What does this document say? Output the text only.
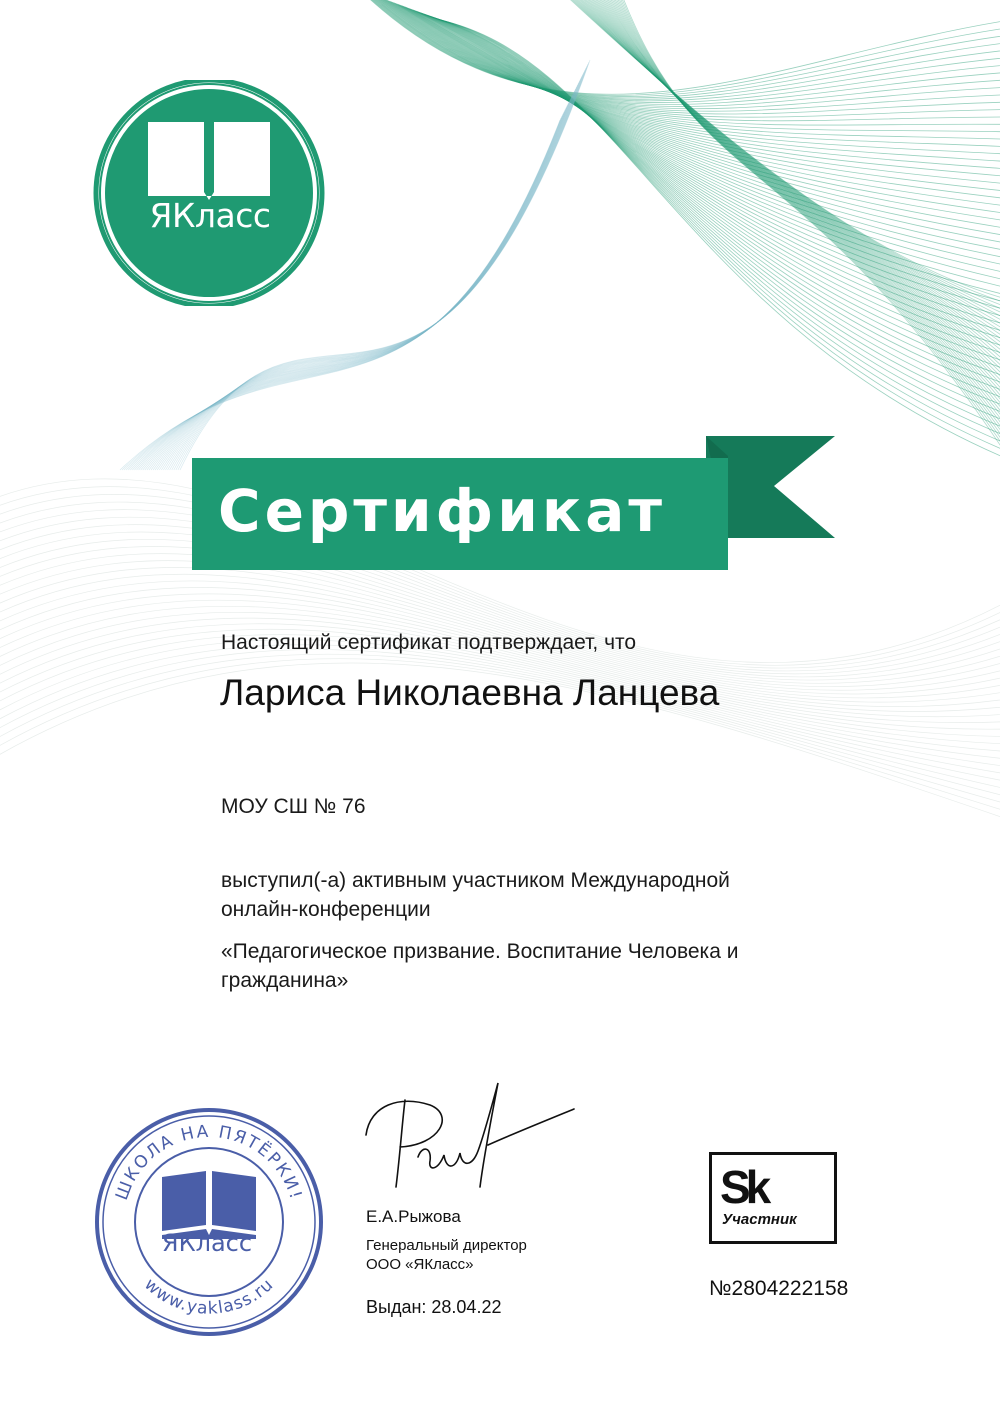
ЯКласс
Сертификат
Настоящий сертификат подтверждает, что
Лариса Николаевна Ланцева
МОУ СШ № 76
выступил(-а) активным участником Международной
онлайн-конференции
«Педагогическое призвание. Воспитание Человека и
гражданина»
ШКОЛА НА ПЯТЁРКИ!
www.yaklass.ru
ЯКласс
Е.А.Рыжова
Генеральный директор
ООО «ЯКласс»
Выдан: 28.04.22
Sk
Участник
№2804222158
